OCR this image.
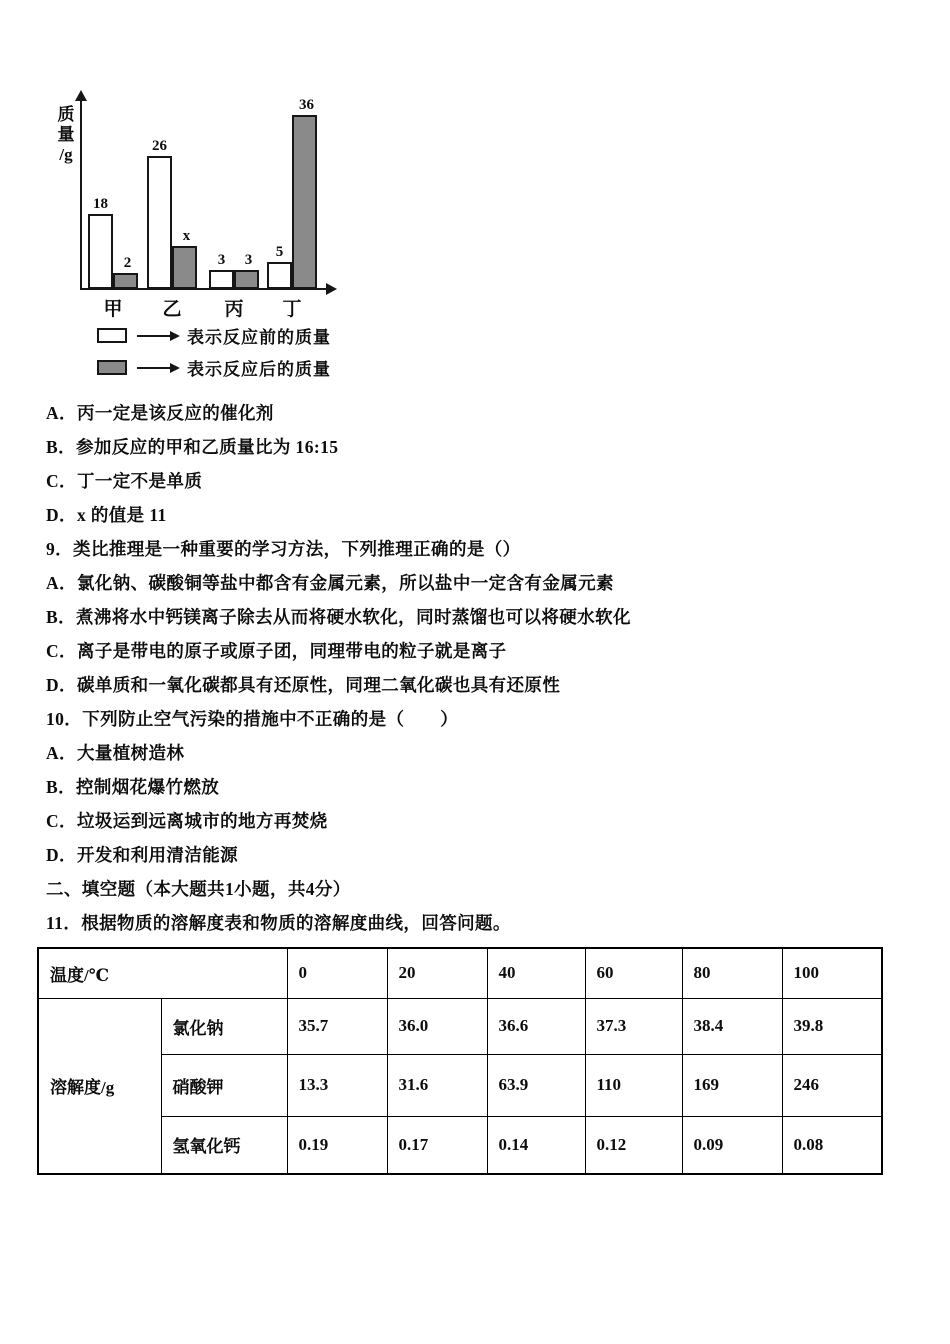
质
量
/g
18
2
甲
26
x
乙
3 3
丙
5
36
丁
表示反应前的质量
表示反应后的质量

A．丙一定是该反应的催化剂

B．参加反应的甲和乙质量比为 16:15

C．丁一定不是单质

D．x 的值是 11

9．类比推理是一种重要的学习方法，下列推理正确的是（）

A．氯化钠、碳酸铜等盐中都含有金属元素，所以盐中一定含有金属元素

B．煮沸将水中钙镁离子除去从而将硬水软化，同时蒸馏也可以将硬水软化

C．离子是带电的原子或原子团，同理带电的粒子就是离子

D．碳单质和一氧化碳都具有还原性，同理二氧化碳也具有还原性

10．下列防止空气污染的措施中不正确的是（　　）

A．大量植树造林

B．控制烟花爆竹燃放

C．垃圾运到远离城市的地方再焚烧

D．开发和利用清洁能源

二、填空题（本大题共1小题，共4分）

11．根据物质的溶解度表和物质的溶解度曲线，回答问题。

温度/℃		0	20	40	60	80	100
溶解度/g	氯化钠	35.7	36.0	36.6	37.3	38.4	39.8
	硝酸钾	13.3	31.6	63.9	110	169	246
	氢氧化钙	0.19	0.17	0.14	0.12	0.09	0.08
